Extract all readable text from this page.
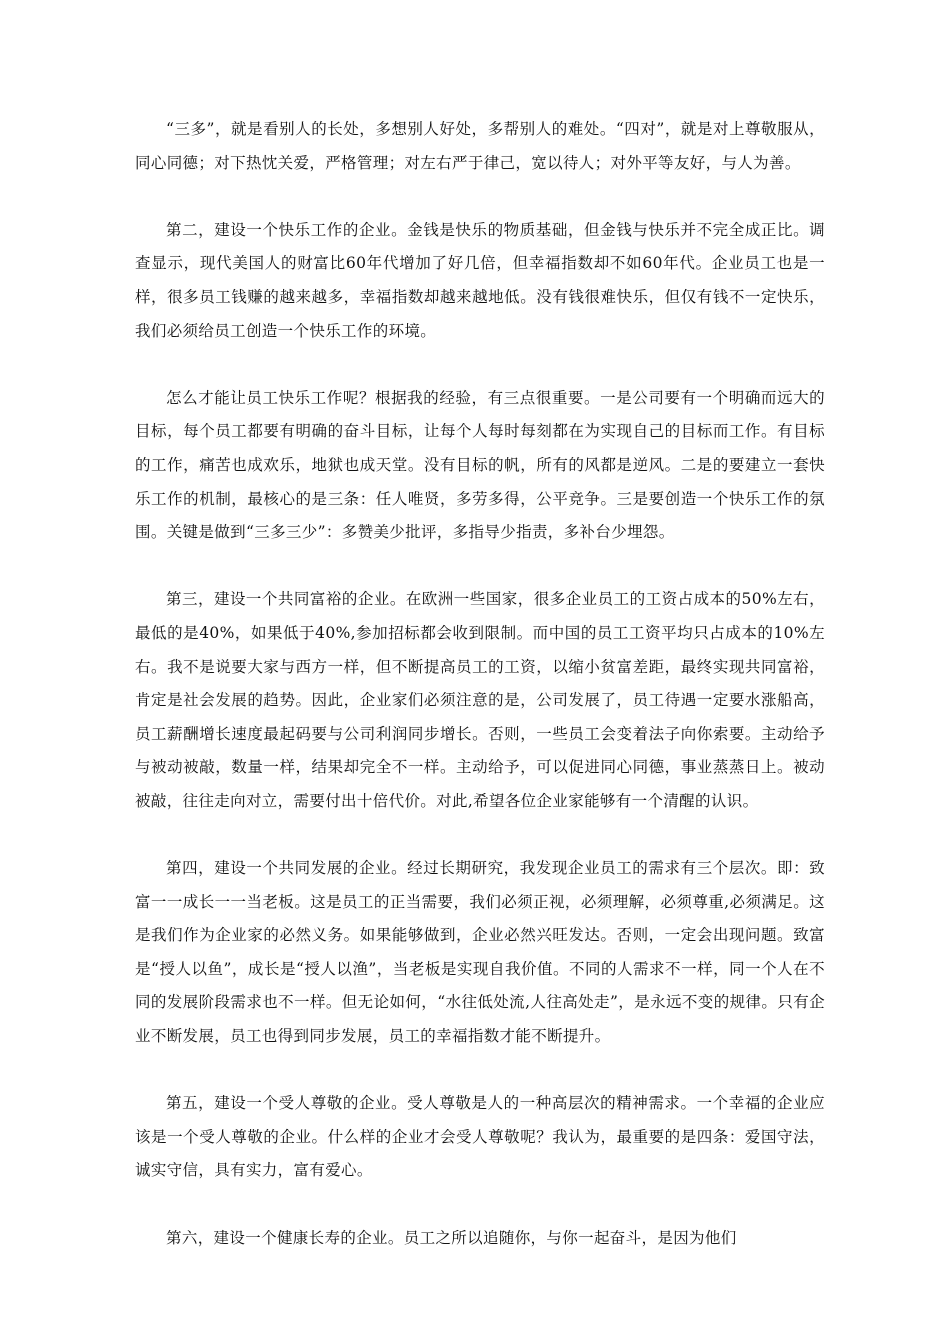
“三多”，就是看别人的长处，多想别人好处，多帮别人的难处。“四对”，就是对上尊敬服从，同心同德；对下热忱关爱，严格管理；对左右严于律己，宽以待人；对外平等友好，与人为善。

第二，建设一个快乐工作的企业。金钱是快乐的物质基础，但金钱与快乐并不完全成正比。调查显示，现代美国人的财富比60年代增加了好几倍，但幸福指数却不如60年代。企业员工也是一样，很多员工钱赚的越来越多，幸福指数却越来越地低。没有钱很难快乐，但仅有钱不一定快乐，我们必须给员工创造一个快乐工作的环境。

怎么才能让员工快乐工作呢？根据我的经验，有三点很重要。一是公司要有一个明确而远大的目标，每个员工都要有明确的奋斗目标，让每个人每时每刻都在为实现自己的目标而工作。有目标的工作，痛苦也成欢乐，地狱也成天堂。没有目标的帆，所有的风都是逆风。二是的要建立一套快乐工作的机制，最核心的是三条：任人唯贤，多劳多得，公平竞争。三是要创造一个快乐工作的氛围。关键是做到“三多三少”：多赞美少批评，多指导少指责，多补台少埋怨。

第三，建设一个共同富裕的企业。在欧洲一些国家，很多企业员工的工资占成本的50%左右，最低的是40%，如果低于40%,参加招标都会收到限制。而中国的员工工资平均只占成本的10%左右。我不是说要大家与西方一样，但不断提高员工的工资，以缩小贫富差距，最终实现共同富裕，肯定是社会发展的趋势。因此，企业家们必须注意的是，公司发展了，员工待遇一定要水涨船高，员工薪酬增长速度最起码要与公司利润同步增长。否则，一些员工会变着法子向你索要。主动给予与被动被敲，数量一样，结果却完全不一样。主动给予，可以促进同心同德，事业蒸蒸日上。被动被敲，往往走向对立，需要付出十倍代价。对此,希望各位企业家能够有一个清醒的认识。

第四，建设一个共同发展的企业。经过长期研究，我发现企业员工的需求有三个层次。即：致富一一成长一一当老板。这是员工的正当需要，我们必须正视，必须理解，必须尊重,必须满足。这是我们作为企业家的必然义务。如果能够做到，企业必然兴旺发达。否则，一定会出现问题。致富是“授人以鱼”，成长是“授人以渔”，当老板是实现自我价值。不同的人需求不一样，同一个人在不同的发展阶段需求也不一样。但无论如何，“水往低处流,人往高处走”，是永远不变的规律。只有企业不断发展，员工也得到同步发展，员工的幸福指数才能不断提升。

第五，建设一个受人尊敬的企业。受人尊敬是人的一种高层次的精神需求。一个幸福的企业应该是一个受人尊敬的企业。什么样的企业才会受人尊敬呢？我认为，最重要的是四条：爱国守法，诚实守信，具有实力，富有爱心。

第六，建设一个健康长寿的企业。员工之所以追随你，与你一起奋斗，是因为他们
